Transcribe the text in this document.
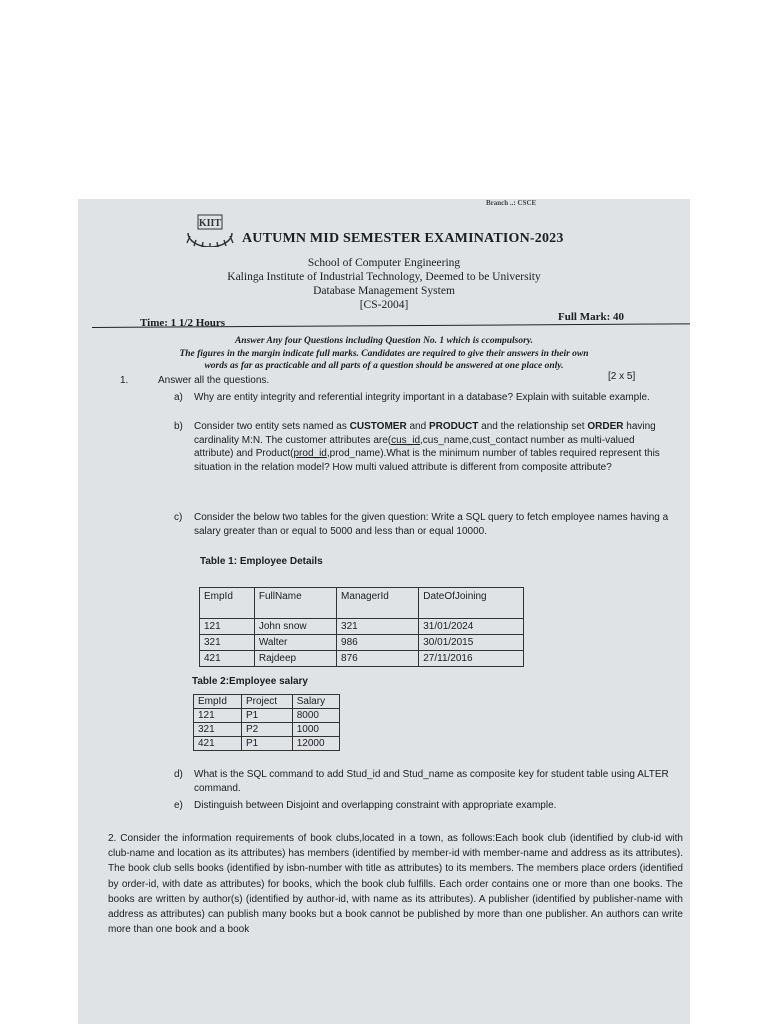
Branch ..: CSCE
KIIT
AUTUMN MID SEMESTER EXAMINATION-2023
School of Computer Engineering
Kalinga Institute of Industrial Technology, Deemed to be University
Database Management System
[CS-2004]
Time: 1 1/2 Hours	Full Mark: 40
Answer Any four Questions including Question No. 1 which is ccompulsory.
The figures in the margin indicate full marks. Candidates are required to give their answers in their own
words as far as practicable and all parts of a question should be answered at one place only.
1.	Answer all the questions.	[2 x 5]
a) Why are entity integrity and referential integrity important in a database? Explain with suitable example.
b) Consider two entity sets named as CUSTOMER and PRODUCT and the relationship set ORDER having cardinality M:N. The customer attributes are(cus_id,cus_name,cust_contact number as multi-valued attribute) and Product(prod_id,prod_name).What is the minimum number of tables required represent this situation in the relation model? How multi valued attribute is different from composite attribute?
c) Consider the below two tables for the given question: Write a SQL query to fetch employee names having a salary greater than or equal to 5000 and less than or equal 10000.
Table 1: Employee Details
EmpId	FullName	ManagerId	DateOfJoining
121	John snow	321	31/01/2024
321	Walter	986	30/01/2015
421	Rajdeep	876	27/11/2016
Table 2:Employee salary
EmpId	Project	Salary
121	P1	8000
321	P2	1000
421	P1	12000
d) What is the SQL command to add Stud_id and Stud_name as composite key for student table using ALTER command.
e) Distinguish between Disjoint and overlapping constraint with appropriate example.
2. Consider the information requirements of book clubs,located in a town, as follows:Each book club (identified by club-id with club-name and location as its attributes) has members (identified by member-id with member-name and address as its attributes). The book club sells books (identified by isbn-number with title as attributes) to its members. The members place orders (identified by order-id, with date as attributes) for books, which the book club fulfills. Each order contains one or more than one books. The books are written by author(s) (identified by author-id, with name as its attributes). A publisher (identified by publisher-name with address as attributes) can publish many books but a book cannot be published by more than one publisher. An authors can write more than one book and a book
